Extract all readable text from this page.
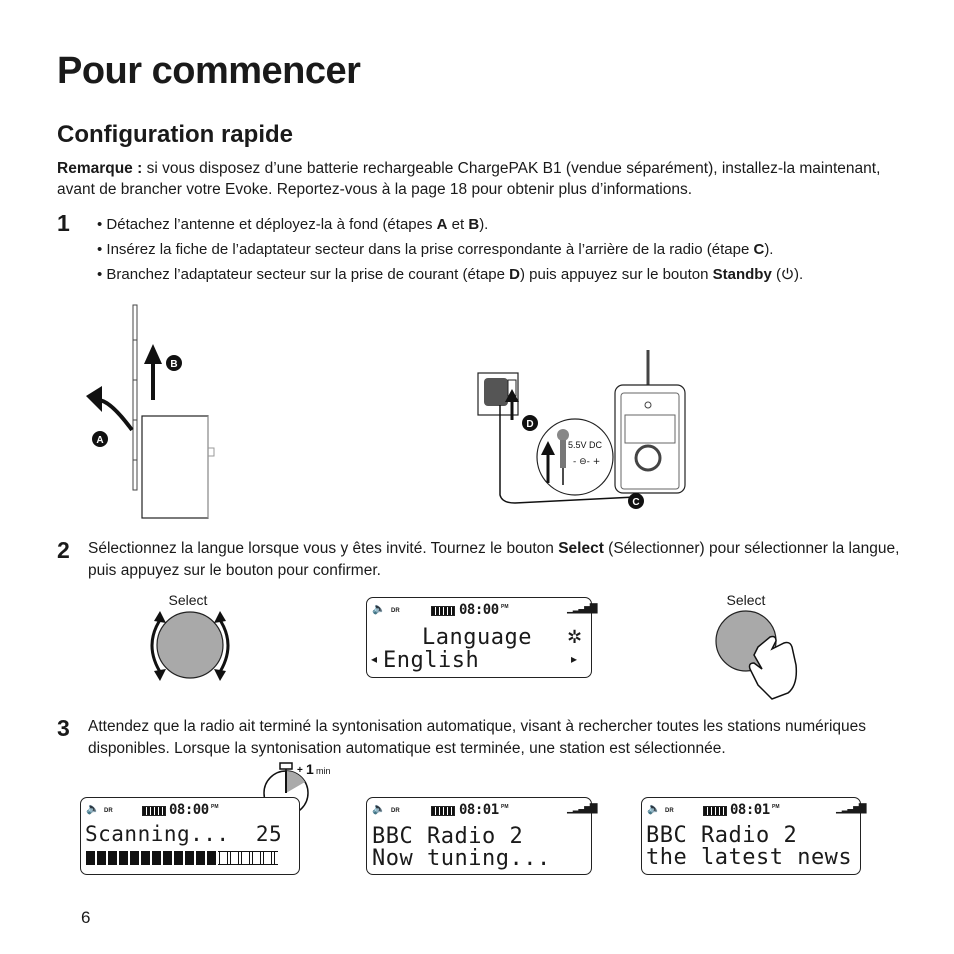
Pour commencer
Configuration rapide

Remarque : si vous disposez d’une batterie rechargeable ChargePAK B1 (vendue séparément), installez-la maintenant, avant de brancher votre Evoke. Reportez-vous à la page 18 pour obtenir plus d’informations.

1 • Détachez l’antenne et déployez-la à fond (étapes A et B).
• Insérez la fiche de l’adaptateur secteur dans la prise correspondante à l’arrière de la radio (étape C).
• Branchez l’adaptateur secteur sur la prise de courant (étape D) puis appuyez sur le bouton Standby ( ).
B
A
D
5.5V DC
- ⊖- +
C
2 Sélectionnez la langue lorsque vous y êtes invité. Tournez le bouton Select (Sélectionner) pour sélectionner la langue, puis appuyez sur le bouton pour confirmer.

Select
🔈 DR	08:00 PM	▁▂▃▅▇
Language ✲
◂ English	▸
Select
3 Attendez que la radio ait terminé la syntonisation automatique, visant à rechercher toutes les stations numériques disponibles. Lorsque la syntonisation automatique est terminée, une station est sélectionnée.

+ 1 min
🔈 DR	08:00 PM
Scanning...  25
🔈 DR	08:01 PM	▁▂▃▅▇
BBC Radio 2
Now tuning...
🔈 DR	08:01 PM	▁▂▃▅▇
BBC Radio 2
the latest news
6
